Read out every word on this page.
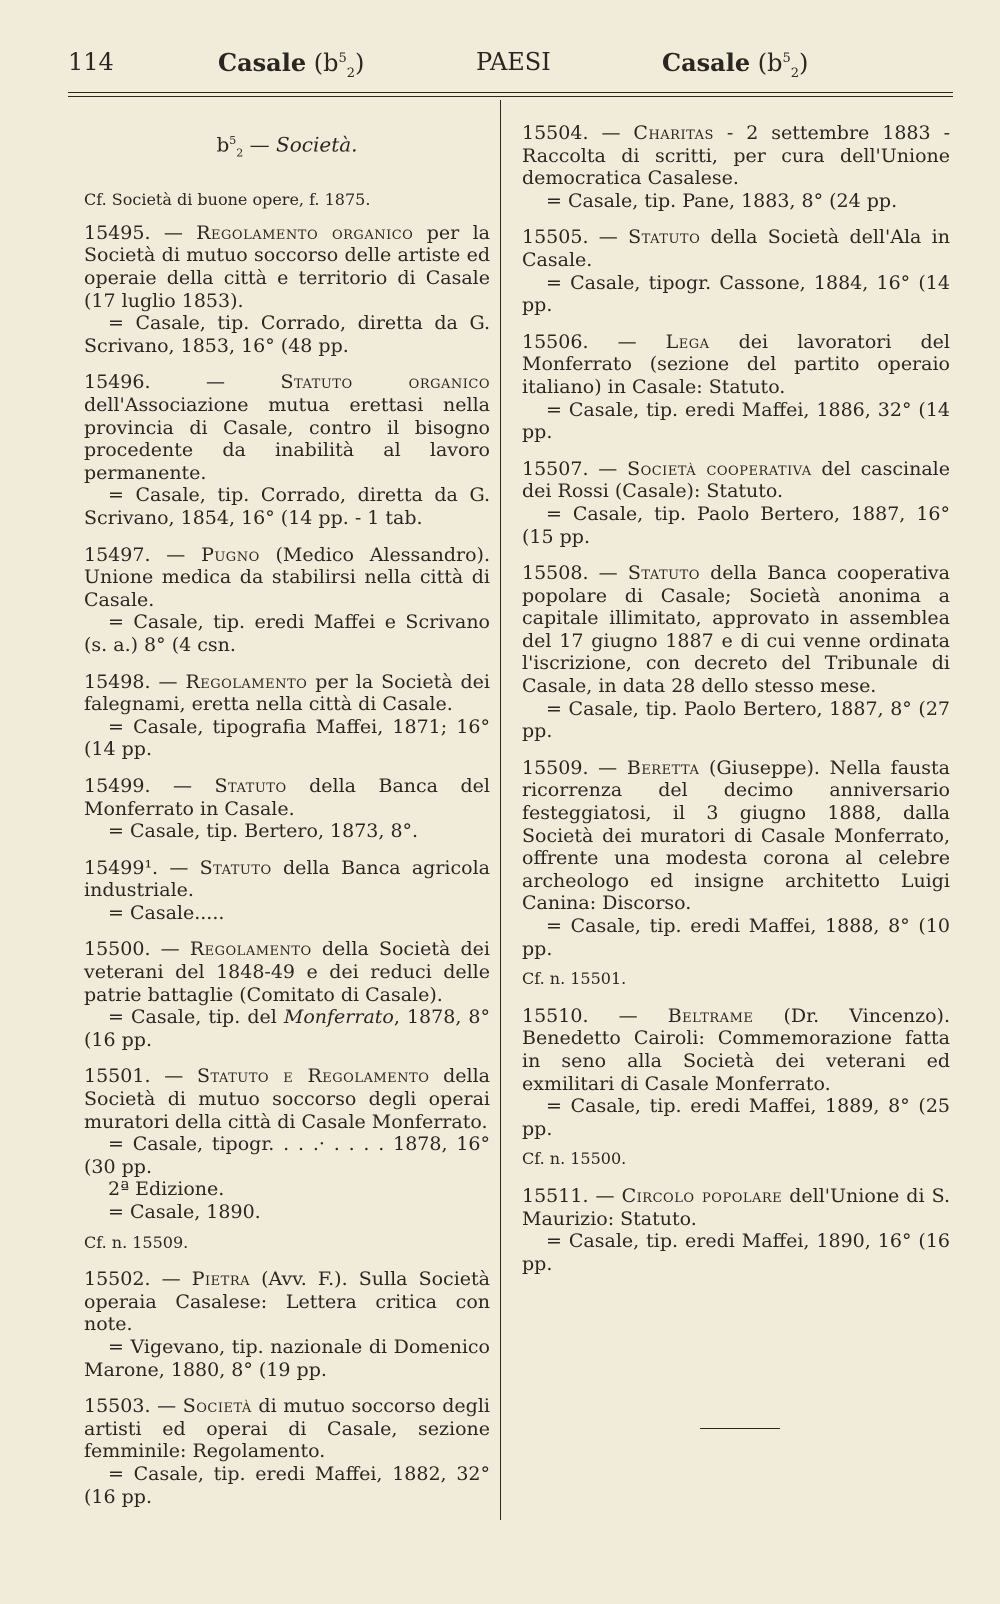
114	Casale $(b^5_2)$	PAESI	Casale $(b^5_2)$
$b^5_2$ — Società.
Cf. Società di buone opere, f. 1875.

15495. — Regolamento organico per la Società di mutuo soccorso delle artiste ed operaie della città e territorio di Casale (17 luglio 1853).

= Casale, tip. Corrado, diretta da G. Scrivano, 1853, 16° (48 pp.

15496. — Statuto organico dell'Associazione mutua erettasi nella provincia di Casale, contro il bisogno procedente da inabilità al lavoro permanente.

= Casale, tip. Corrado, diretta da G. Scrivano, 1854, 16° (14 pp. - 1 tab.

15497. — Pugno (Medico Alessandro). Unione medica da stabilirsi nella città di Casale.

= Casale, tip. eredi Maffei e Scrivano (s. a.) 8° (4 csn.

15498. — Regolamento per la Società dei falegnami, eretta nella città di Casale.

= Casale, tipografia Maffei, 1871; 16° (14 pp.

15499. — Statuto della Banca del Monferrato in Casale.

= Casale, tip. Bertero, 1873, 8°.

15499¹. — Statuto della Banca agricola industriale.

= Casale.....

15500. — Regolamento della Società dei veterani del 1848-49 e dei reduci delle patrie battaglie (Comitato di Casale).

= Casale, tip. del Monferrato, 1878, 8° (16 pp.

15501. — Statuto e Regolamento della Società di mutuo soccorso degli operai muratori della città di Casale Monferrato.

= Casale, tipogr. . . .· . . . . 1878, 16° (30 pp.

2ª Edizione.

= Casale, 1890.

Cf. n. 15509.

15502. — Pietra (Avv. F.). Sulla Società operaia Casalese: Lettera critica con note.

= Vigevano, tip. nazionale di Domenico Marone, 1880, 8° (19 pp.

15503. — Società di mutuo soccorso degli artisti ed operai di Casale, sezione femminile: Regolamento.

= Casale, tip. eredi Maffei, 1882, 32° (16 pp.

15504. — Charitas - 2 settembre 1883 - Raccolta di scritti, per cura dell'Unione democratica Casalese.

= Casale, tip. Pane, 1883, 8° (24 pp.

15505. — Statuto della Società dell'Ala in Casale.

= Casale, tipogr. Cassone, 1884, 16° (14 pp.

15506. — Lega dei lavoratori del Monferrato (sezione del partito operaio italiano) in Casale: Statuto.

= Casale, tip. eredi Maffei, 1886, 32° (14 pp.

15507. — Società cooperativa del cascinale dei Rossi (Casale): Statuto.

= Casale, tip. Paolo Bertero, 1887, 16° (15 pp.

15508. — Statuto della Banca cooperativa popolare di Casale; Società anonima a capitale illimitato, approvato in assemblea del 17 giugno 1887 e di cui venne ordinata l'iscrizione, con decreto del Tribunale di Casale, in data 28 dello stesso mese.

= Casale, tip. Paolo Bertero, 1887, 8° (27 pp.

15509. — Beretta (Giuseppe). Nella fausta ricorrenza del decimo anniversario festeggiatosi, il 3 giugno 1888, dalla Società dei muratori di Casale Monferrato, offrente una modesta corona al celebre archeologo ed insigne architetto Luigi Canina: Discorso.

= Casale, tip. eredi Maffei, 1888, 8° (10 pp.

Cf. n. 15501.

15510. — Beltrame (Dr. Vincenzo). Benedetto Cairoli: Commemorazione fatta in seno alla Società dei veterani ed exmilitari di Casale Monferrato.

= Casale, tip. eredi Maffei, 1889, 8° (25 pp.

Cf. n. 15500.

15511. — Circolo popolare dell'Unione di S. Maurizio: Statuto.

= Casale, tip. eredi Maffei, 1890, 16° (16 pp.
